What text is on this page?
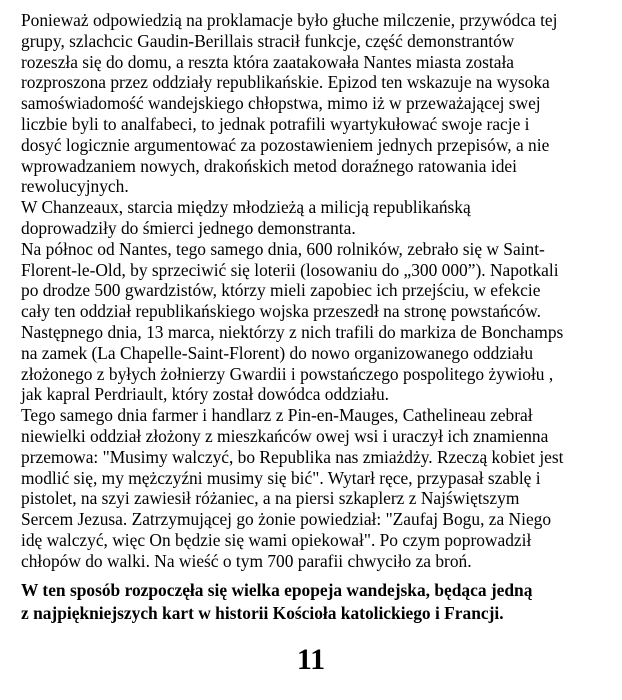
Ponieważ odpowiedzią na proklamacje było głuche milczenie, przywódca tej
grupy, szlachcic Gaudin-Berillais stracił funkcje, część demonstrantów
rozeszła się do domu, a reszta która zaatakowała Nantes miasta została
rozproszona przez oddziały republikańskie. Epizod ten wskazuje na wysoka
samoświadomość wandejskiego chłopstwa, mimo iż w przeważającej swej
liczbie byli to analfabeci, to jednak potrafili wyartykułować swoje racje i
dosyć logicznie argumentować za pozostawieniem jednych przepisów, a nie
wprowadzaniem nowych, drakońskich metod doraźnego ratowania idei
rewolucyjnych.
W Chanzeaux, starcia między młodzieżą a milicją republikańską
doprowadziły do śmierci jednego demonstranta.
Na północ od Nantes, tego samego dnia, 600 rolników, zebrało się w Saint-
Florent-le-Old, by sprzeciwić się loterii (losowaniu do „300 000”). Napotkali
po drodze 500 gwardzistów, którzy mieli zapobiec ich przejściu, w efekcie
cały ten oddział republikańskiego wojska przeszedł na stronę powstańców.
Następnego dnia, 13 marca, niektórzy z nich trafili do markiza de Bonchamps
na zamek (La Chapelle-Saint-Florent) do nowo organizowanego oddziału
złożonego z byłych żołnierzy Gwardii i powstańczego pospolitego żywiołu ,
jak kapral Perdriault, który został dowódca oddziału.
Tego samego dnia farmer i handlarz z Pin-en-Mauges, Cathelineau zebrał
niewielki oddział złożony z mieszkańców owej wsi i uraczył ich znamienna
przemowa: "Musimy walczyć, bo Republika nas zmiażdży. Rzeczą kobiet jest
modlić się, my mężczyźni musimy się bić". Wytarł ręce, przypasał szablę i
pistolet, na szyi zawiesił różaniec, a na piersi szkaplerz z Najświętszym
Sercem Jezusa. Zatrzymującej go żonie powiedział: "Zaufaj Bogu, za Niego
idę walczyć, więc On będzie się wami opiekował". Po czym poprowadził
chłopów do walki. Na wieść o tym 700 parafii chwyciło za broń.
W ten sposób rozpoczęła się wielka epopeja wandejska, będąca jedną
z najpiękniejszych kart w historii Kościoła katolickiego i Francji.
11
